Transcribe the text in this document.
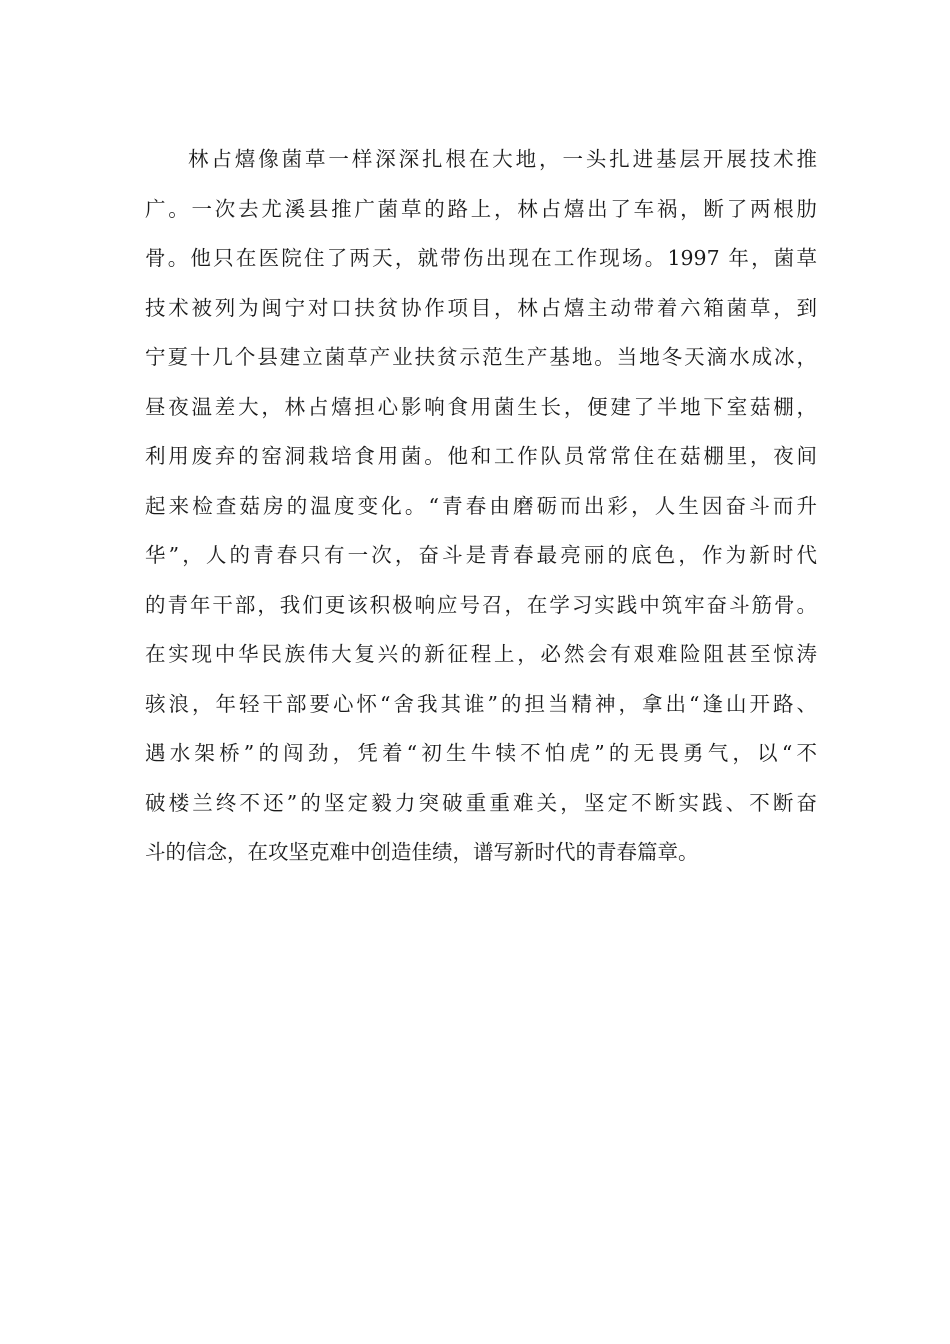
林占熺像菌草一样深深扎根在大地，一头扎进基层开展技术推
广。一次去尤溪县推广菌草的路上，林占熺出了车祸，断了两根肋
骨。他只在医院住了两天，就带伤出现在工作现场。1997 年，菌草
技术被列为闽宁对口扶贫协作项目，林占熺主动带着六箱菌草，到
宁夏十几个县建立菌草产业扶贫示范生产基地。当地冬天滴水成冰，
昼夜温差大，林占熺担心影响食用菌生长，便建了半地下室菇棚，
利用废弃的窑洞栽培食用菌。他和工作队员常常住在菇棚里，夜间
起来检查菇房的温度变化。“青春由磨砺而出彩，人生因奋斗而升
华”，人的青春只有一次，奋斗是青春最亮丽的底色，作为新时代
的青年干部，我们更该积极响应号召，在学习实践中筑牢奋斗筋骨。
在实现中华民族伟大复兴的新征程上，必然会有艰难险阻甚至惊涛
骇浪，年轻干部要心怀“舍我其谁”的担当精神，拿出“逢山开路、
遇水架桥”的闯劲，凭着“初生牛犊不怕虎”的无畏勇气，以“不
破楼兰终不还”的坚定毅力突破重重难关，坚定不断实践、不断奋
斗的信念，在攻坚克难中创造佳绩，谱写新时代的青春篇章。
